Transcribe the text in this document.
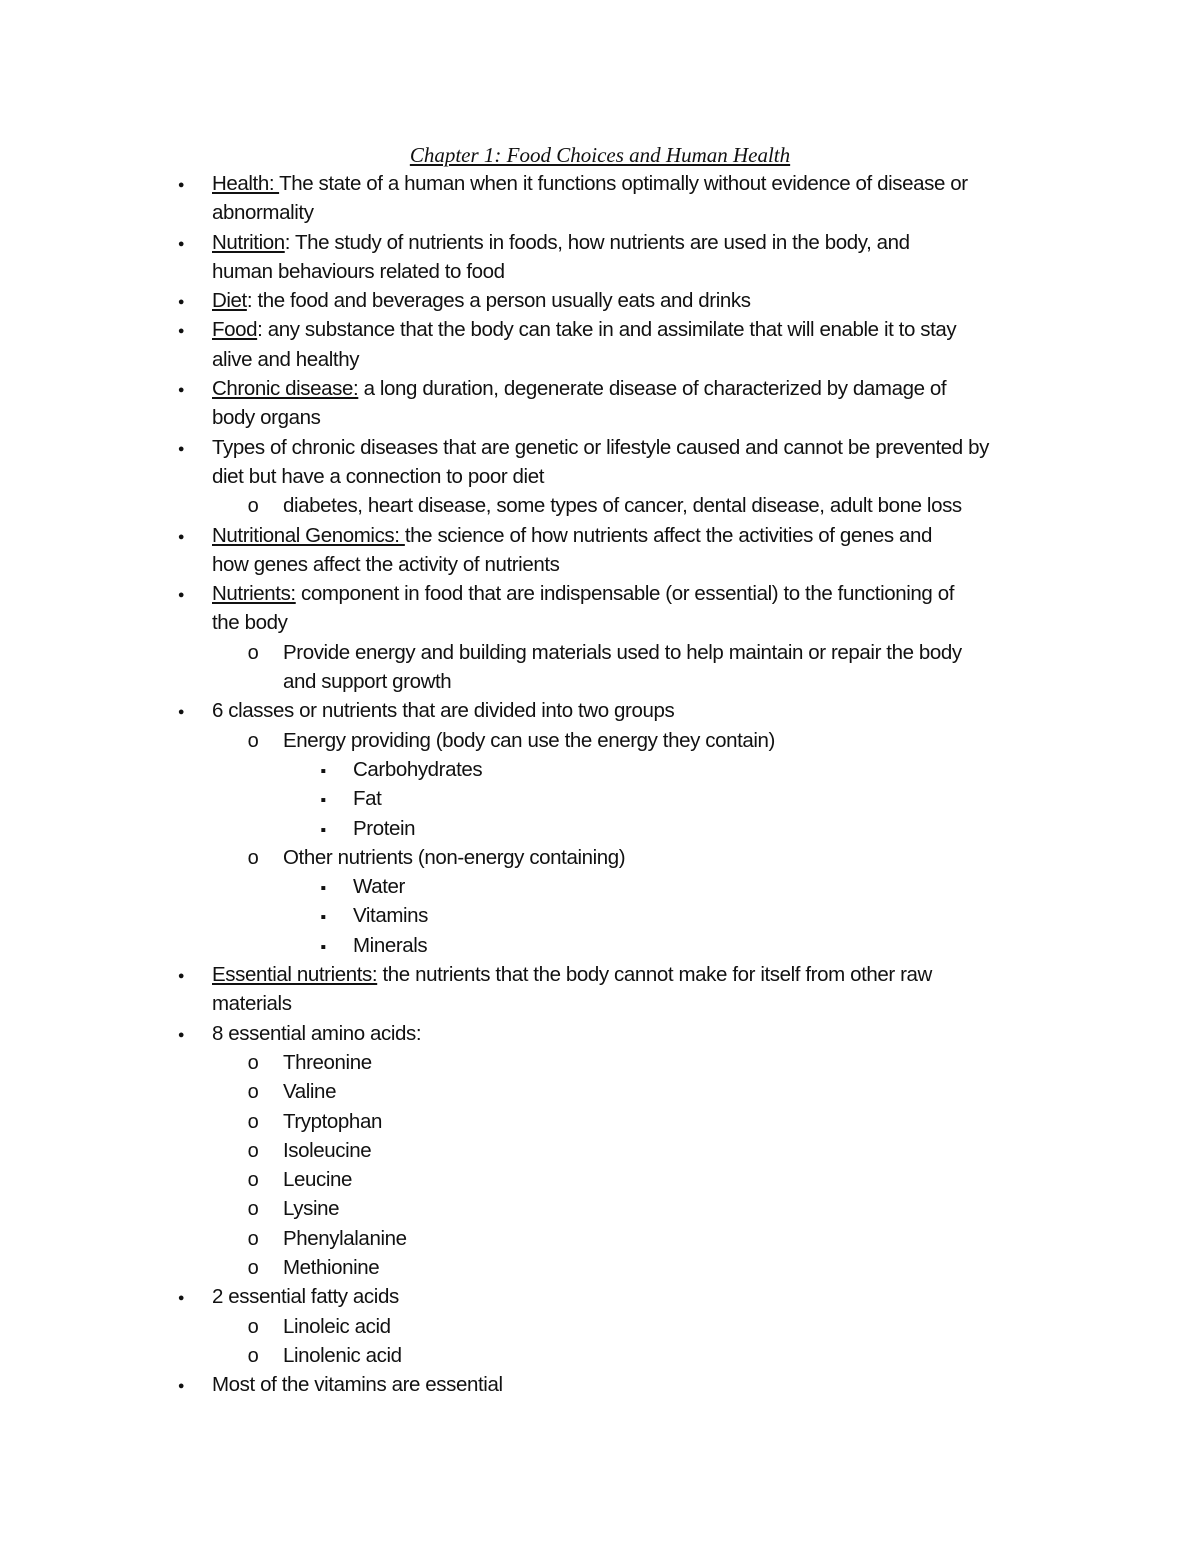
Chapter 1: Food Choices and Human Health
●
Health: The state of a human when it functions optimally without evidence of disease or
abnormality
●
Nutrition: The study of nutrients in foods, how nutrients are used in the body, and
human behaviours related to food
●
Diet: the food and beverages a person usually eats and drinks
●
Food: any substance that the body can take in and assimilate that will enable it to stay
alive and healthy
●
Chronic disease: a long duration, degenerate disease of characterized by damage of
body organs
●
Types of chronic diseases that are genetic or lifestyle caused and cannot be prevented by
diet but have a connection to poor diet
o
diabetes, heart disease, some types of cancer, dental disease, adult bone loss
●
Nutritional Genomics: the science of how nutrients affect the activities of genes and
how genes affect the activity of nutrients
●
Nutrients: component in food that are indispensable (or essential) to the functioning of
the body
o
Provide energy and building materials used to help maintain or repair the body
and support growth
●
6 classes or nutrients that are divided into two groups
o
Energy providing (body can use the energy they contain)
▪
Carbohydrates
▪
Fat
▪
Protein
o
Other nutrients (non-energy containing)
▪
Water
▪
Vitamins
▪
Minerals
●
Essential nutrients: the nutrients that the body cannot make for itself from other raw
materials
●
8 essential amino acids:
o
Threonine
o
Valine
o
Tryptophan
o
Isoleucine
o
Leucine
o
Lysine
o
Phenylalanine
o
Methionine
●
2 essential fatty acids
o
Linoleic acid
o
Linolenic acid
●
Most of the vitamins are essential
